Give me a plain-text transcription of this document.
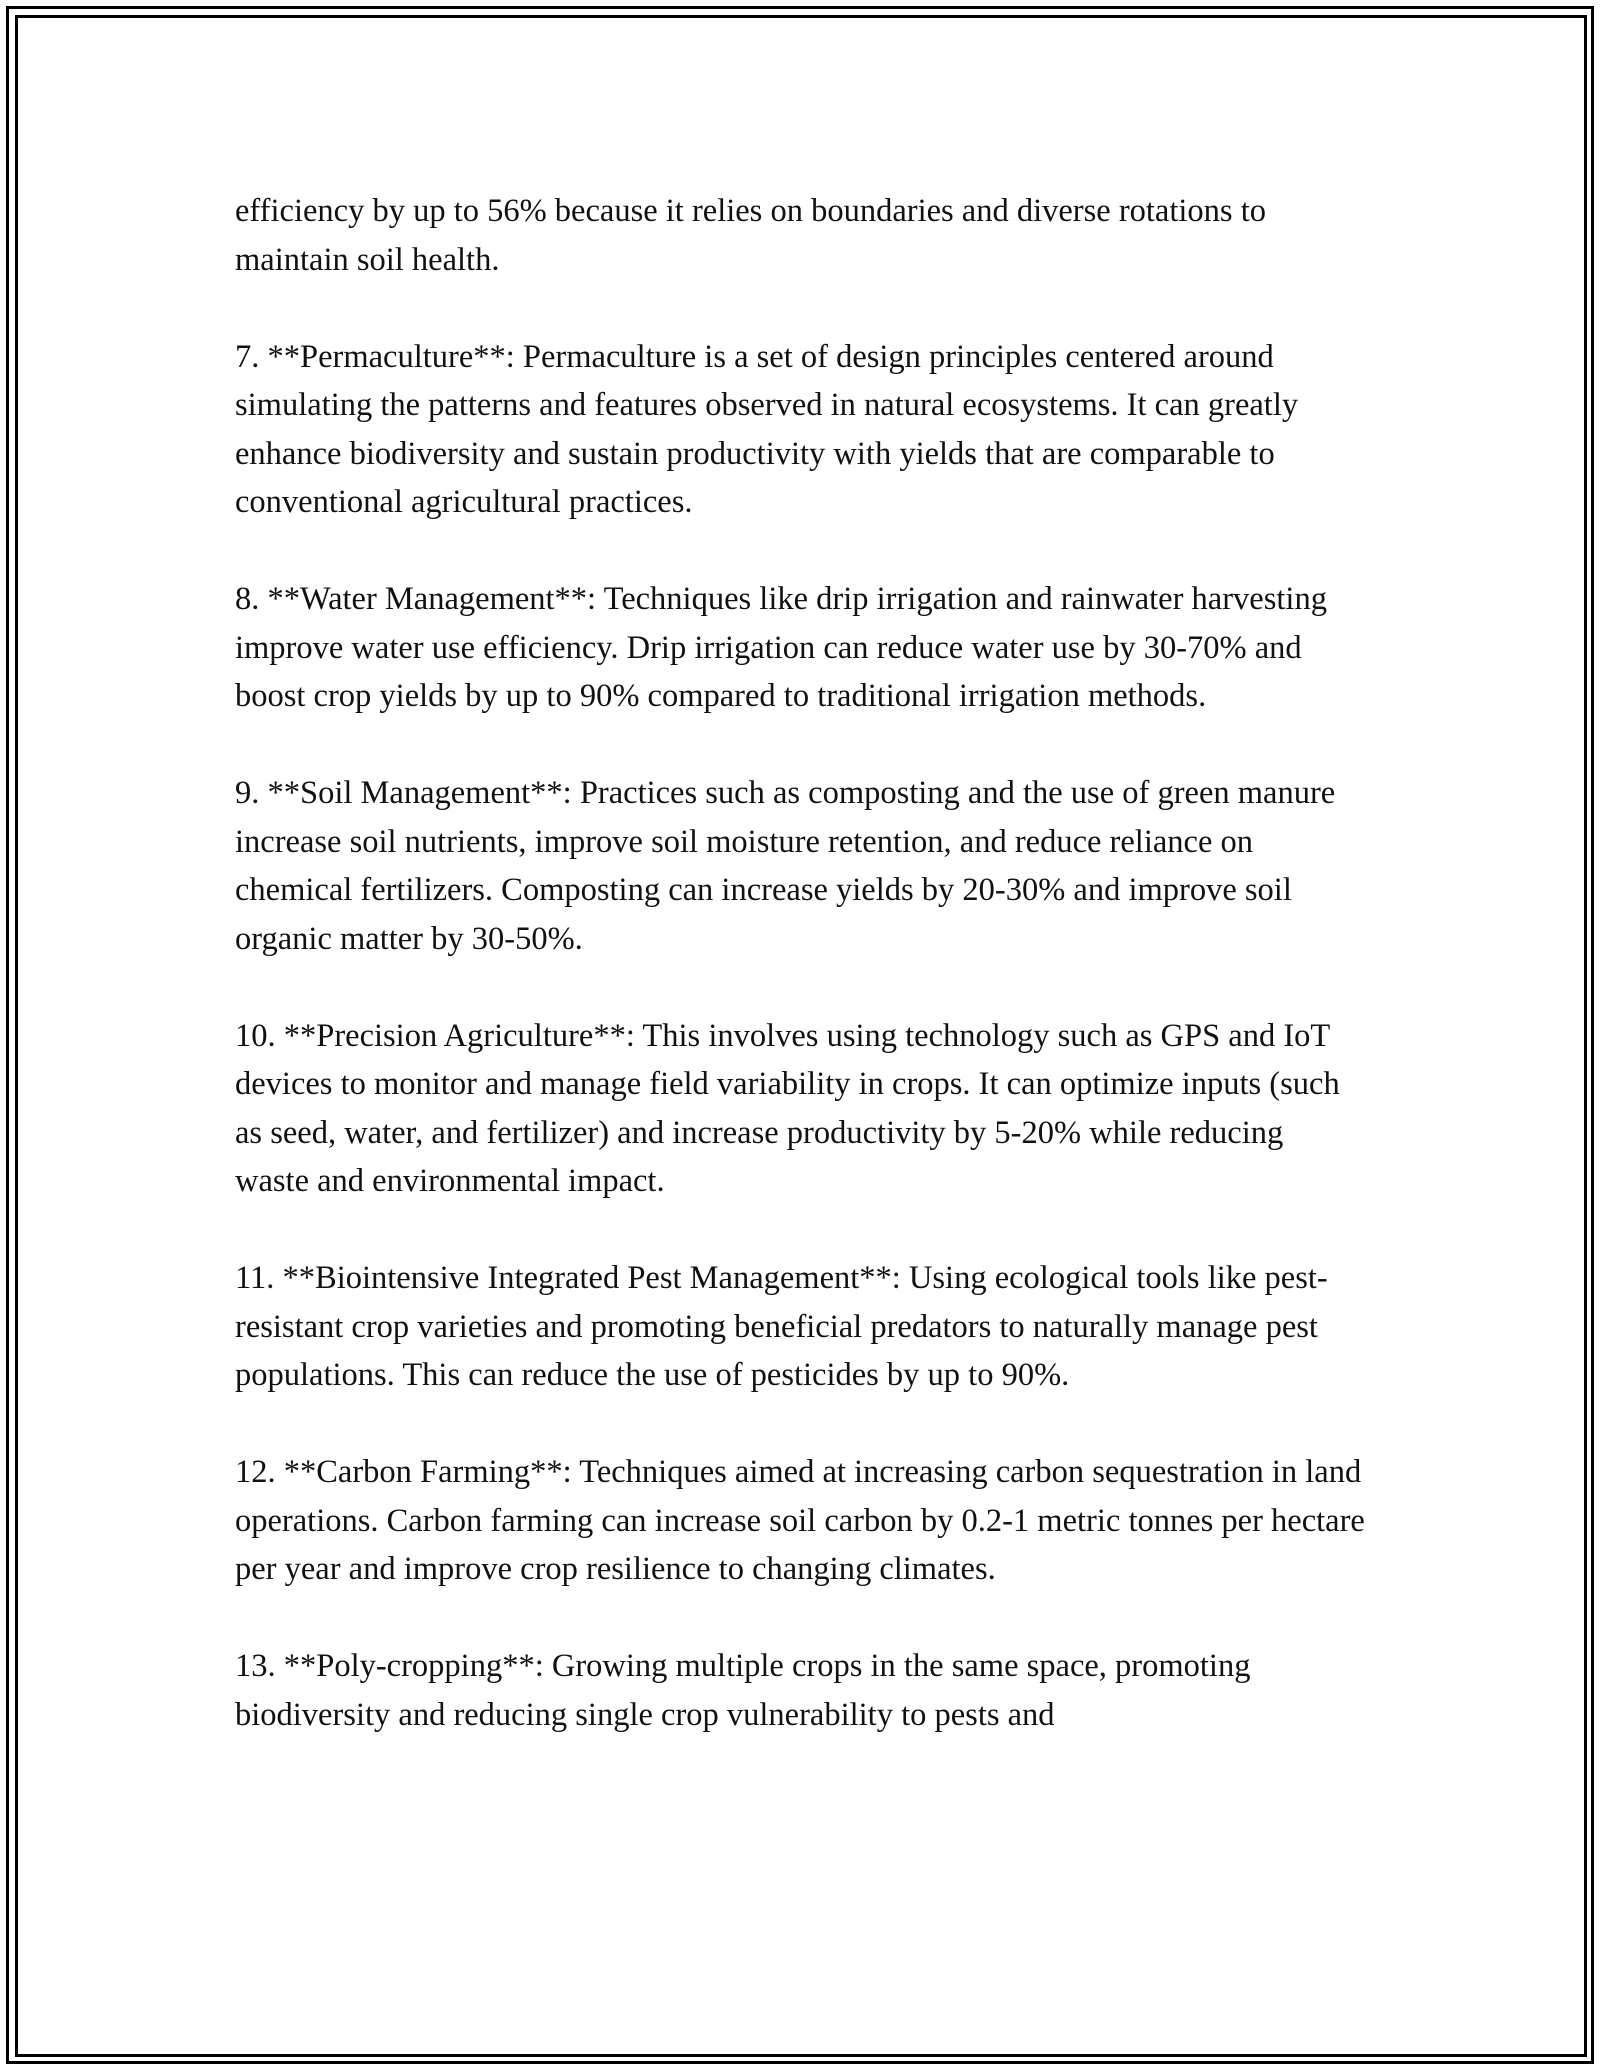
efficiency by up to 56% because it relies on boundaries and diverse rotations to maintain soil health.

7. **Permaculture**: Permaculture is a set of design principles centered around simulating the patterns and features observed in natural ecosystems. It can greatly enhance biodiversity and sustain productivity with yields that are comparable to conventional agricultural practices.

8. **Water Management**: Techniques like drip irrigation and rainwater harvesting improve water use efficiency. Drip irrigation can reduce water use by 30-70% and boost crop yields by up to 90% compared to traditional irrigation methods.

9. **Soil Management**: Practices such as composting and the use of green manure increase soil nutrients, improve soil moisture retention, and reduce reliance on chemical fertilizers. Composting can increase yields by 20-30% and improve soil organic matter by 30-50%.

10. **Precision Agriculture**: This involves using technology such as GPS and IoT devices to monitor and manage field variability in crops. It can optimize inputs (such as seed, water, and fertilizer) and increase productivity by 5-20% while reducing waste and environmental impact.

11. **Biointensive Integrated Pest Management**: Using ecological tools like pest-resistant crop varieties and promoting beneficial predators to naturally manage pest populations. This can reduce the use of pesticides by up to 90%.

12. **Carbon Farming**: Techniques aimed at increasing carbon sequestration in land operations. Carbon farming can increase soil carbon by 0.2-1 metric tonnes per hectare per year and improve crop resilience to changing climates.

13. **Poly-cropping**: Growing multiple crops in the same space, promoting biodiversity and reducing single crop vulnerability to pests and
